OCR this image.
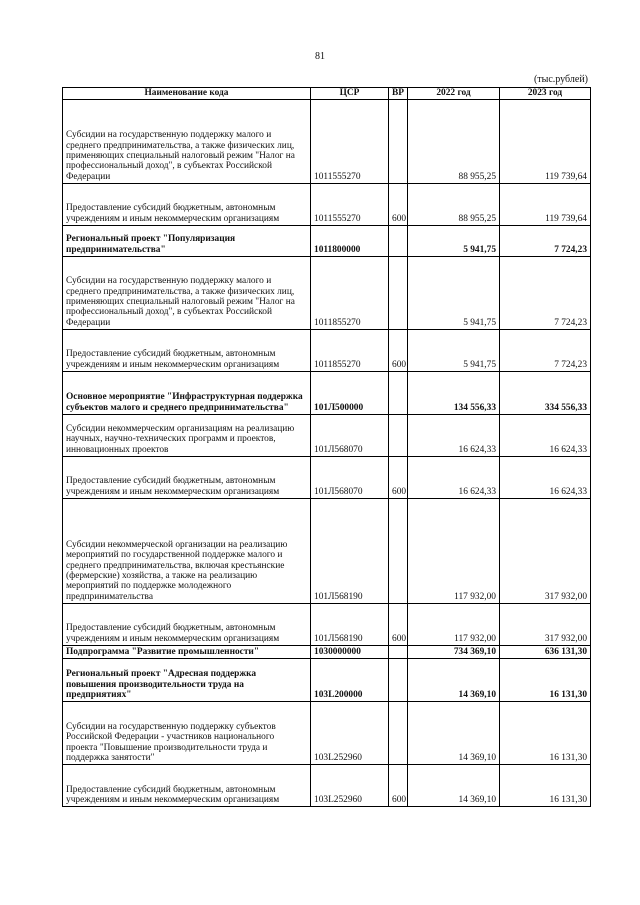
81
(тыс.рублей)
Наименование кода	ЦСР	ВР	2022 год	2023 год
Субсидии на государственную поддержку малого и среднего предпринимательства, а также физических лиц, применяющих специальный налоговый режим "Налог на профессиональный доход", в субъектах Российской Федерации	1011555270		88 955,25	119 739,64
Предоставление субсидий бюджетным, автономным учреждениям и иным некоммерческим организациям	1011555270	600	88 955,25	119 739,64
Региональный проект "Популяризация предпринимательства"	1011800000		5 941,75	7 724,23
Субсидии на государственную поддержку малого и среднего предпринимательства, а также физических лиц, применяющих специальный налоговый режим "Налог на профессиональный доход", в субъектах Российской Федерации	1011855270		5 941,75	7 724,23
Предоставление субсидий бюджетным, автономным учреждениям и иным некоммерческим организациям	1011855270	600	5 941,75	7 724,23
Основное мероприятие "Инфраструктурная поддержка субъектов малого и среднего предпринимательства"	101Л500000		134 556,33	334 556,33
Субсидии некоммерческим организациям на реализацию научных, научно-технических программ и проектов, инновационных проектов	101Л568070		16 624,33	16 624,33
Предоставление субсидий бюджетным, автономным учреждениям и иным некоммерческим организациям	101Л568070	600	16 624,33	16 624,33
Субсидии некоммерческой организации на реализацию мероприятий по государственной поддержке малого и среднего предпринимательства, включая крестьянские (фермерские) хозяйства, а также на реализацию мероприятий по поддержке молодежного предпринимательства	101Л568190		117 932,00	317 932,00
Предоставление субсидий бюджетным, автономным учреждениям и иным некоммерческим организациям	101Л568190	600	117 932,00	317 932,00
Подпрограмма "Развитие промышленности"	1030000000		734 369,10	636 131,30
Региональный проект "Адресная поддержка повышения производительности труда на предприятиях"	103L200000		14 369,10	16 131,30
Субсидии на государственную поддержку субъектов Российской Федерации - участников национального проекта "Повышение производительности труда и поддержка занятости"	103L252960		14 369,10	16 131,30
Предоставление субсидий бюджетным, автономным учреждениям и иным некоммерческим организациям	103L252960	600	14 369,10	16 131,30
